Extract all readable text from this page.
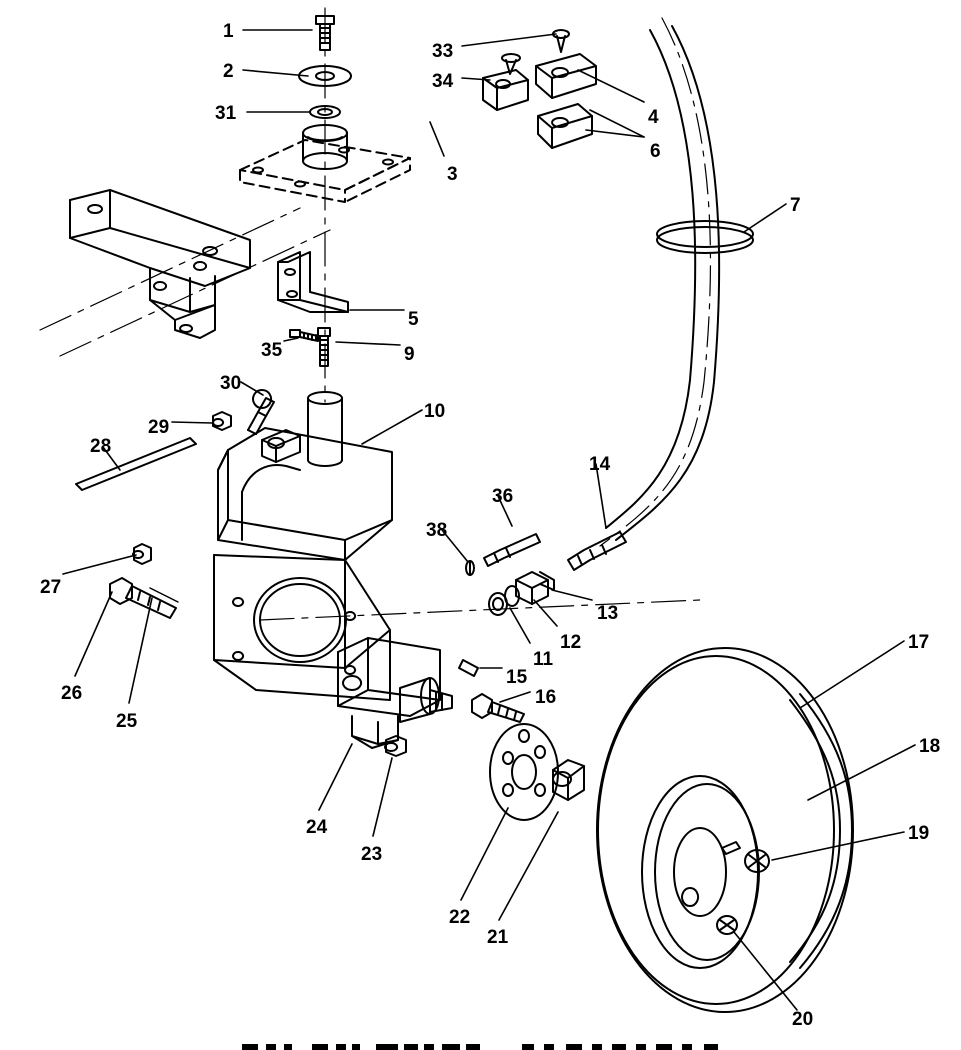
1
2
31
33
34
4
6
3
7
5
35	9
30
29
10
28
14
36
38
27
13
12
11
26
25
15
16
17
18
19
24
23
22
21
20
